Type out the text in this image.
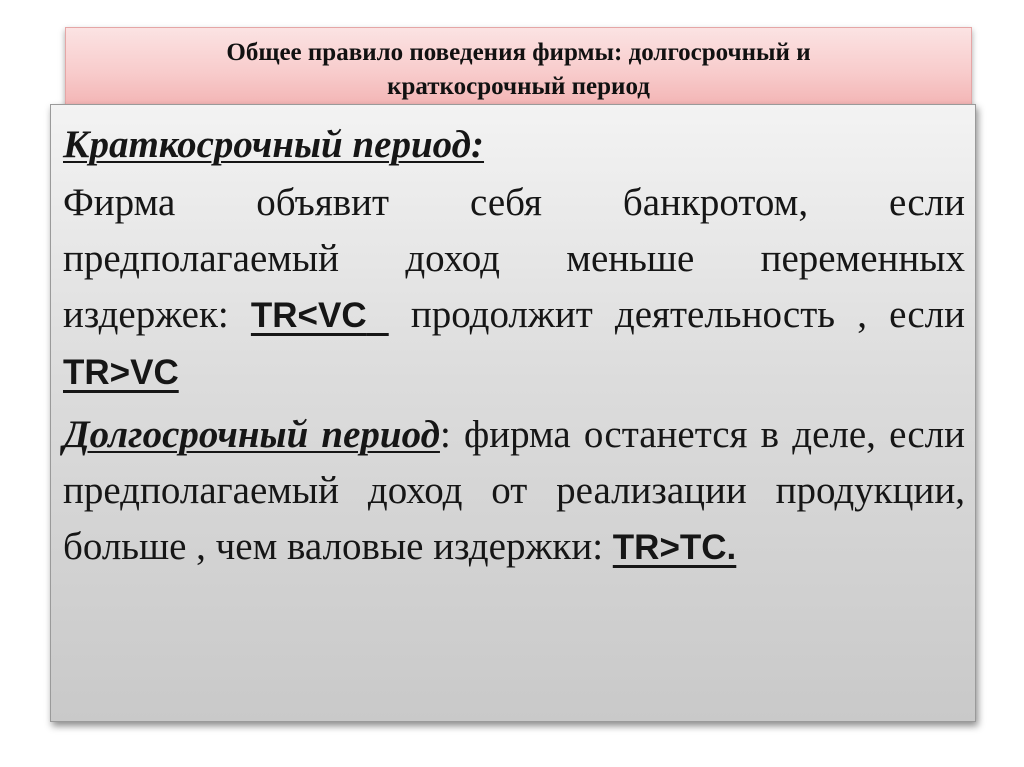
Общее правило поведения фирмы: долгосрочный и
краткосрочный период

Краткосрочный период:

Фирма объявит себя банкротом, если предполагаемый доход меньше переменных издержек: TR<VC  продолжит деятельность , если TR>VC

Долгосрочный период: фирма останется в деле, если предполагаемый доход от реализации продукции, больше , чем валовые издержки: TR>TC.
